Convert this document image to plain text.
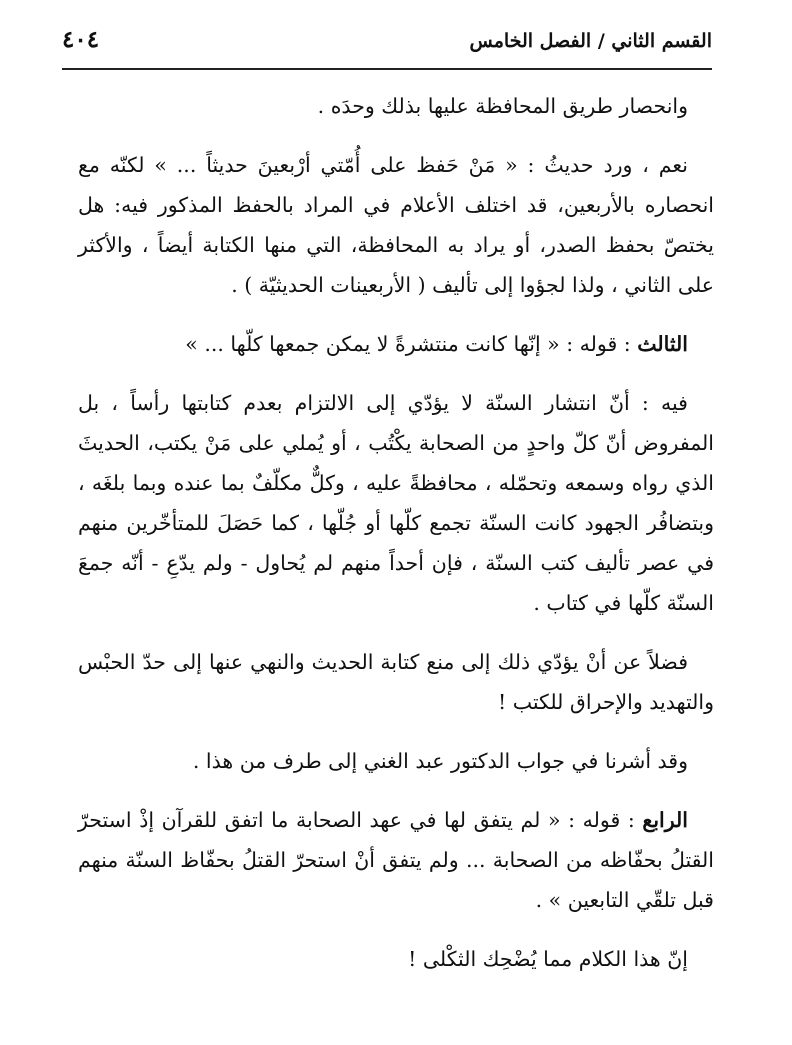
القسم الثاني / الفصل الخامس
٤٠٤

وانحصار طريق المحافظة عليها بذلك وحدَه .

نعم ، ورد حديثُ : « مَنْ حَفظ على أُمّتي أرْبعينَ حديثاً ... » لكنّه مع انحصاره بالأربعين، قد اختلف الأعلام في المراد بالحفظ المذكور فيه: هل يختصّ بحفظ الصدر، أو يراد به المحافظة، التي منها الكتابة أيضاً ، والأكثر على الثاني ، ولذا لجؤوا إلى تأليف ( الأربعينات الحديثيّة ) .

الثالث : قوله : « إنّها كانت منتشرةً لا يمكن جمعها كلّها ... »

فيه : أنّ انتشار السنّة لا يؤدّي إلى الالتزام بعدم كتابتها رأساً ، بل المفروض أنّ كلّ واحدٍ من الصحابة يكْتُب ، أو يُملي على مَنْ يكتب، الحديثَ الذي رواه وسمعه وتحمّله ، محافظةً عليه ، وكلٌّ مكلّفٌ بما عنده وبما بلغَه ، وبتضافُر الجهود كانت السنّة تجمع كلّها أو جُلّها ، كما حَصَلَ للمتأخّرين منهم في عصر تأليف كتب السنّة ، فإن أحداً منهم لم يُحاول - ولم يدّعِ - أنّه جمعَ السنّة كلّها في كتاب .

فضلاً عن أنْ يؤدّي ذلك إلى منع كتابة الحديث والنهي عنها إلى حدّ الحبْس والتهديد والإحراق للكتب !

وقد أشرنا في جواب الدكتور عبد الغني إلى طرف من هذا .

الرابع : قوله : « لم يتفق لها في عهد الصحابة ما اتفق للقرآن إذْ استحرّ القتلُ بحفّاظه من الصحابة ... ولم يتفق أنْ استحرّ القتلُ بحفّاظ السنّة منهم قبل تلقّي التابعين » .

إنّ هذا الكلام مما يُضْحِك الثكْلى !
